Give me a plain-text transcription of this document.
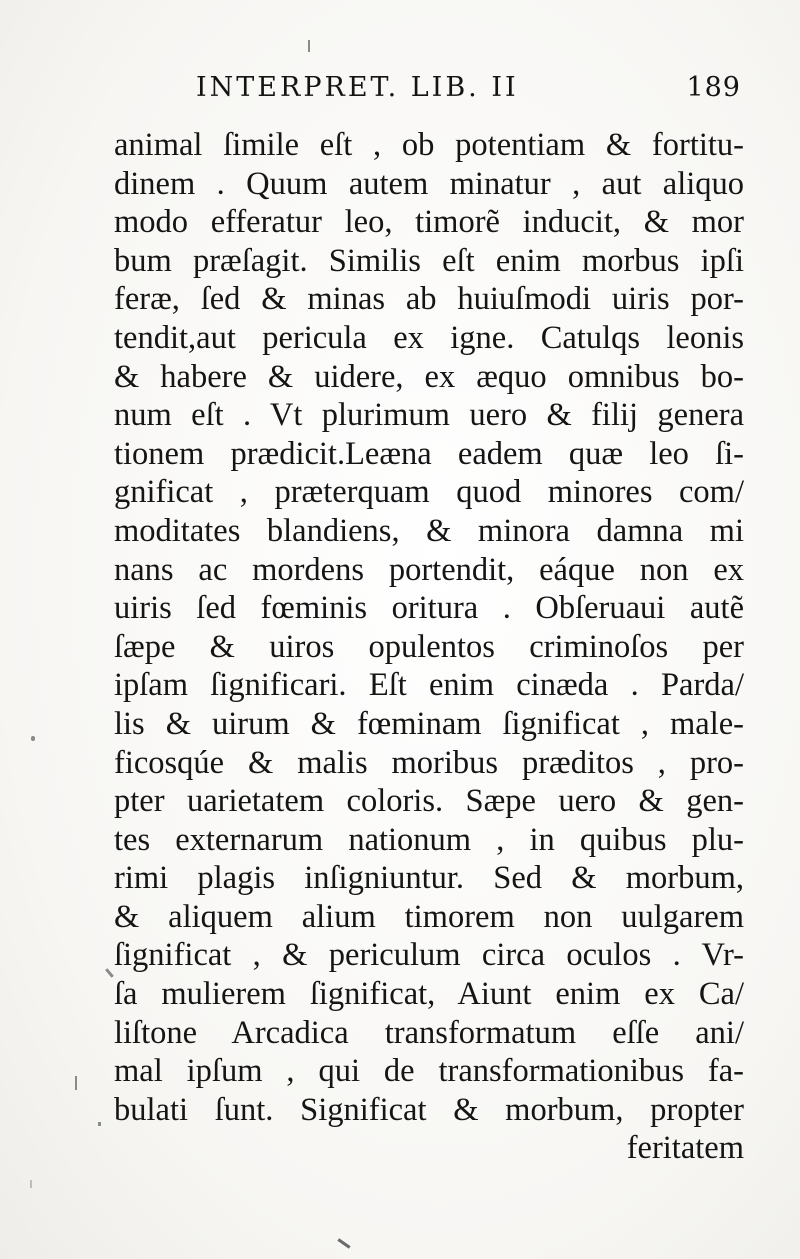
INTERPRET. LIB. II	189
animal ſimile eſt , ob potentiam & fortitu-
dinem . Quum autem minatur , aut aliquo
modo efferatur leo, timorẽ inducit, & mor
bum præſagit. Similis eſt enim morbus ipſi
feræ, ſed & minas ab huiuſmodi uiris por-
tendit,aut pericula ex igne. Catulqs leonis
& habere & uidere, ex æquo omnibus bo-
num eſt . Vt plurimum uero & filij genera
tionem prædicit.Leæna eadem quæ leo ſi-
gnificat , præterquam quod minores com/
moditates blandiens, & minora damna mi
nans ac mordens portendit, eáque non ex
uiris ſed fœminis oritura . Obſeruaui autẽ
ſæpe & uiros opulentos criminoſos per
ipſam ſignificari. Eſt enim cinæda . Parda/
lis & uirum & fœminam ſignificat , male-
ficosqúe & malis moribus præditos , pro-
pter uarietatem coloris. Sæpe uero & gen-
tes externarum nationum , in quibus plu-
rimi plagis inſigniuntur. Sed & morbum,
& aliquem alium timorem non uulgarem
ſignificat , & periculum circa oculos . Vr-
ſa mulierem ſignificat, Aiunt enim ex Ca/
liſtone Arcadica transformatum eſſe ani/
mal ipſum , qui de transformationibus fa-
bulati ſunt. Significat & morbum, propter
feritatem
